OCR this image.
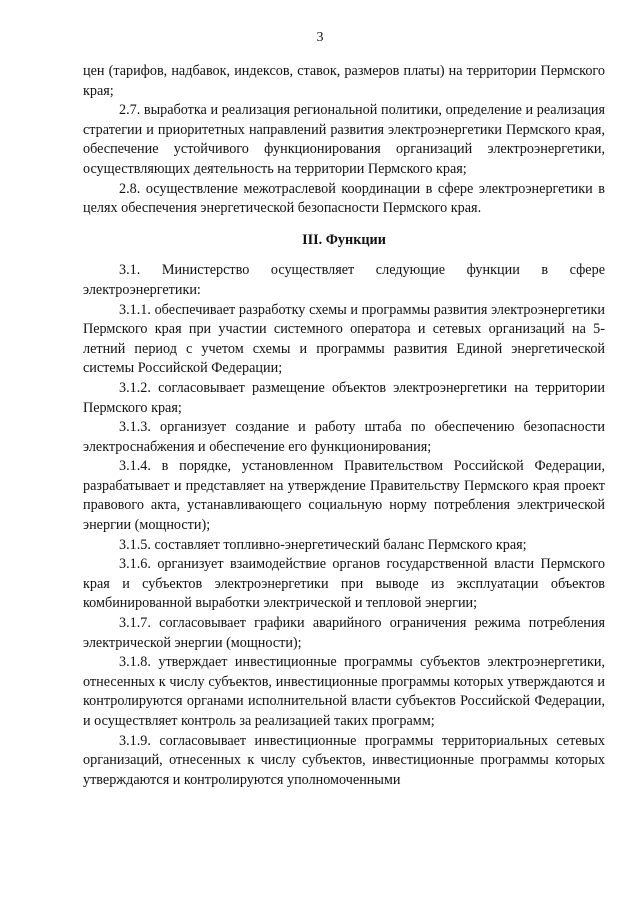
3

цен (тарифов, надбавок, индексов, ставок, размеров платы) на территории Пермского края;

2.7. выработка и реализация региональной политики, определение и реализация стратегии и приоритетных направлений развития электроэнергетики Пермского края, обеспечение устойчивого функционирования организаций электроэнергетики, осуществляющих деятельность на территории Пермского края;

2.8. осуществление межотраслевой координации в сфере электроэнергетики в целях обеспечения энергетической безопасности Пермского края.

III. Функции

3.1. Министерство осуществляет следующие функции в сфере электроэнергетики:

3.1.1. обеспечивает разработку схемы и программы развития электроэнергетики Пермского края при участии системного оператора и сетевых организаций на 5-летний период с учетом схемы и программы развития Единой энергетической системы Российской Федерации;

3.1.2. согласовывает размещение объектов электроэнергетики на территории Пермского края;

3.1.3. организует создание и работу штаба по обеспечению безопасности электроснабжения и обеспечение его функционирования;

3.1.4. в порядке, установленном Правительством Российской Федерации, разрабатывает и представляет на утверждение Правительству Пермского края проект правового акта, устанавливающего социальную норму потребления электрической энергии (мощности);

3.1.5. составляет топливно-энергетический баланс Пермского края;

3.1.6. организует взаимодействие органов государственной власти Пермского края и субъектов электроэнергетики при выводе из эксплуатации объектов комбинированной выработки электрической и тепловой энергии;

3.1.7. согласовывает графики аварийного ограничения режима потребления электрической энергии (мощности);

3.1.8. утверждает инвестиционные программы субъектов электроэнергетики, отнесенных к числу субъектов, инвестиционные программы которых утверждаются и контролируются органами исполнительной власти субъектов Российской Федерации, и осуществляет контроль за реализацией таких программ;

3.1.9. согласовывает инвестиционные программы территориальных сетевых организаций, отнесенных к числу субъектов, инвестиционные программы которых утверждаются и контролируются уполномоченными
